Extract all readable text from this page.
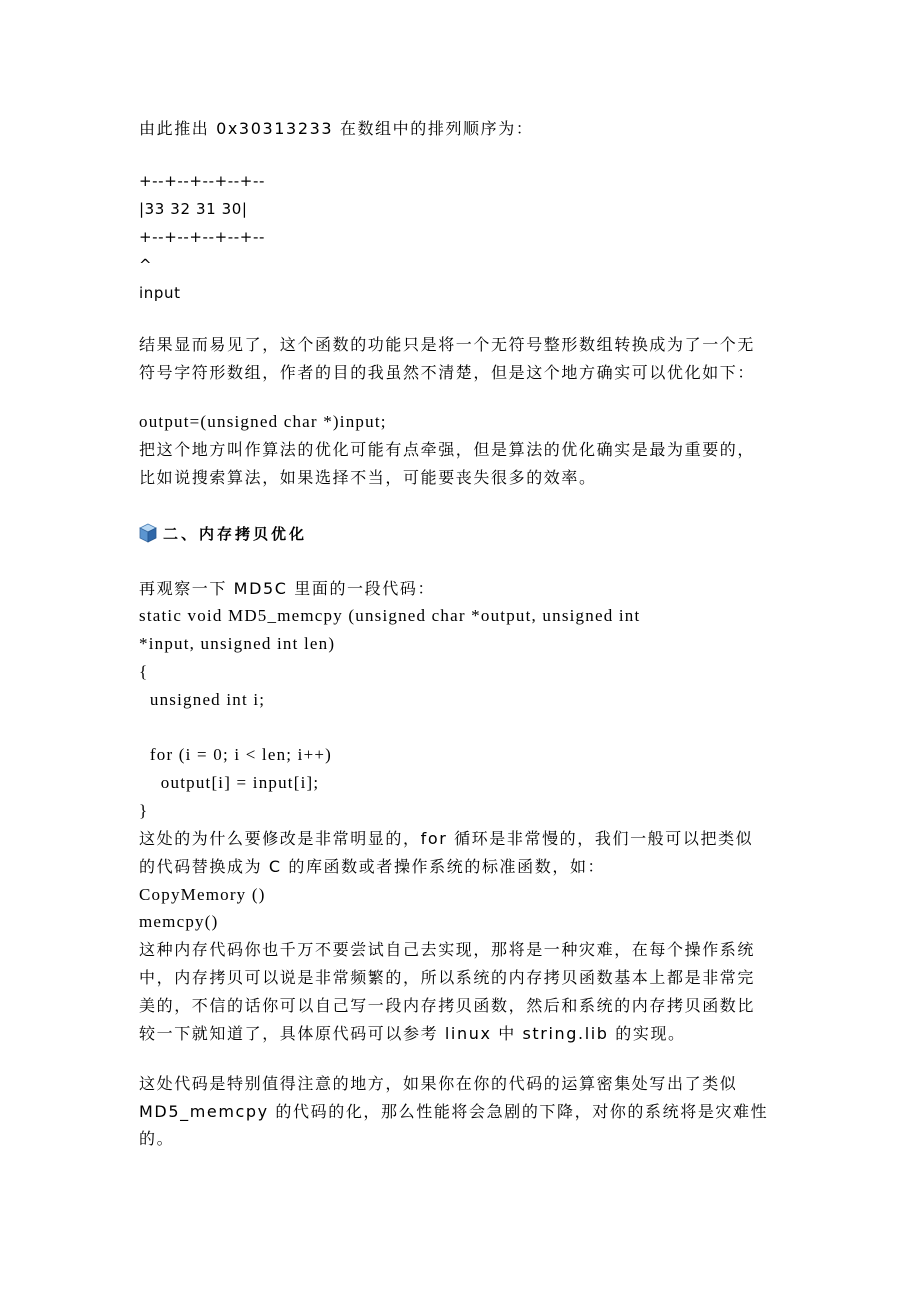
由此推出 0x30313233 在数组中的排列顺序为：

+--+--+--+--+--

|33 32 31 30|

+--+--+--+--+--

^

input

结果显而易见了，这个函数的功能只是将一个无符号整形数组转换成为了一个无

符号字符形数组，作者的目的我虽然不清楚，但是这个地方确实可以优化如下：

output=(unsigned char *)input;

把这个地方叫作算法的优化可能有点牵强，但是算法的优化确实是最为重要的，

比如说搜索算法，如果选择不当，可能要丧失很多的效率。

二、内存拷贝优化

再观察一下 MD5C 里面的一段代码：

static void MD5_memcpy (unsigned char *output, unsigned int

*input, unsigned int len)

{

unsigned int i;

for (i = 0; i < len; i++)

output[i] = input[i];

}

这处的为什么要修改是非常明显的，for 循环是非常慢的，我们一般可以把类似

的代码替换成为 C 的库函数或者操作系统的标准函数，如：

CopyMemory ()

memcpy()

这种内存代码你也千万不要尝试自己去实现，那将是一种灾难，在每个操作系统

中，内存拷贝可以说是非常频繁的，所以系统的内存拷贝函数基本上都是非常完

美的，不信的话你可以自己写一段内存拷贝函数，然后和系统的内存拷贝函数比

较一下就知道了，具体原代码可以参考 linux 中 string.lib 的实现。

这处代码是特别值得注意的地方，如果你在你的代码的运算密集处写出了类似

MD5_memcpy 的代码的化，那么性能将会急剧的下降，对你的系统将是灾难性

的。
